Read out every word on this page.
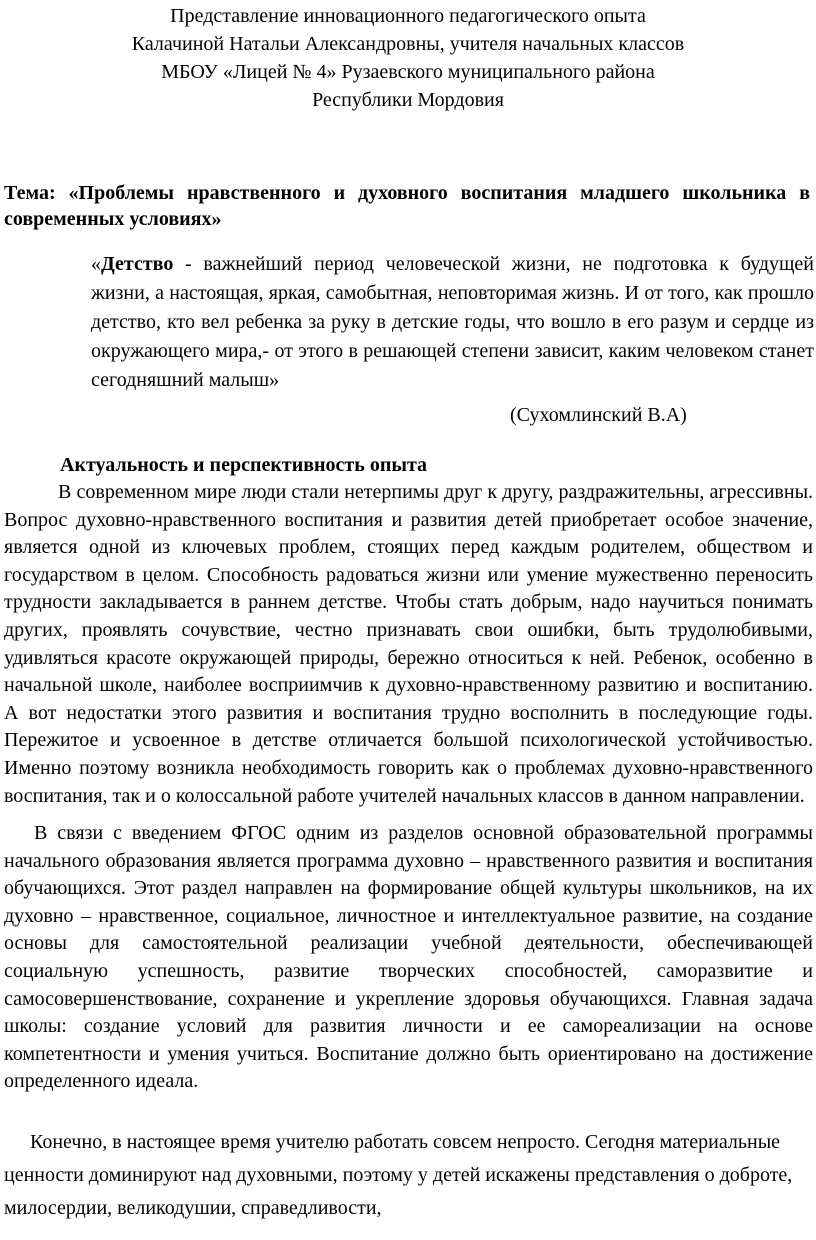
Представление инновационного педагогического опыта
Калачиной Натальи Александровны, учителя начальных классов
МБОУ «Лицей № 4» Рузаевского муниципального района
Республики Мордовия
Тема: «Проблемы нравственного и духовного воспитания младшего школьника в современных условиях»
«Детство - важнейший период человеческой жизни, не подготовка к будущей жизни, а настоящая, яркая, самобытная, неповторимая жизнь. И от того, как прошло детство, кто вел ребенка за руку в детские годы, что вошло в его разум и сердце из окружающего мира,- от этого в решающей степени зависит, каким человеком станет сегодняшний малыш»
(Сухомлинский В.А)
Актуальность и перспективность опыта
В современном мире люди стали нетерпимы друг к другу, раздражительны, агрессивны. Вопрос духовно-нравственного воспитания и развития детей приобретает особое значение, является одной из ключевых проблем, стоящих перед каждым родителем, обществом и государством в целом. Способность радоваться жизни или умение мужественно переносить трудности закладывается в раннем детстве. Чтобы стать добрым, надо научиться понимать других, проявлять сочувствие, честно признавать свои ошибки, быть трудолюбивыми, удивляться красоте окружающей природы, бережно относиться к ней. Ребенок, особенно в начальной школе, наиболее восприимчив к духовно-нравственному развитию и воспитанию. А вот недостатки этого развития и воспитания трудно восполнить в последующие годы. Пережитое и усвоенное в детстве отличается большой психологической устойчивостью. Именно поэтому возникла необходимость говорить как о проблемах духовно-нравственного воспитания, так и о колоссальной работе учителей начальных классов в данном направлении.
В связи с введением ФГОС одним из разделов основной образовательной программы начального образования является программа духовно – нравственного развития и воспитания обучающихся. Этот раздел направлен на формирование общей культуры школьников, на их духовно – нравственное, социальное, личностное и интеллектуальное развитие, на создание основы для самостоятельной реализации учебной деятельности, обеспечивающей социальную успешность, развитие творческих способностей, саморазвитие и самосовершенствование, сохранение и укрепление здоровья обучающихся. Главная задача школы: создание условий для развития личности и ее самореализации на основе компетентности и умения учиться. Воспитание должно быть ориентировано на достижение определенного идеала.
Конечно, в настоящее время учителю работать совсем непросто. Сегодня материальные ценности доминируют над духовными, поэтому у детей искажены представления о доброте, милосердии, великодушии, справедливости,
